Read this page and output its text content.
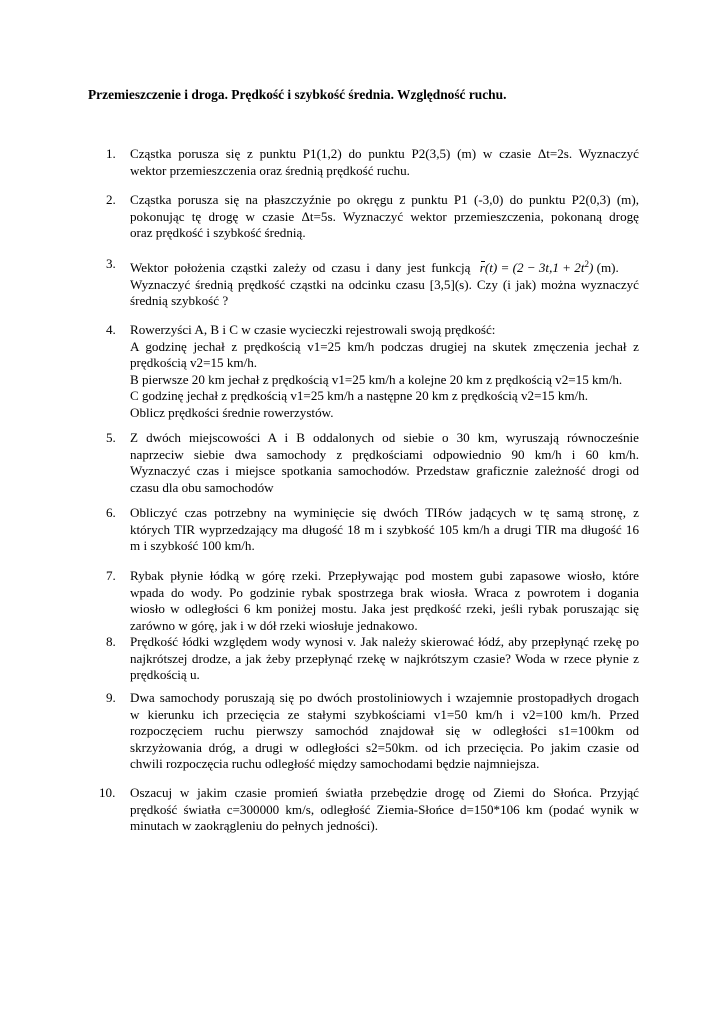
Przemieszczenie i droga. Prędkość i szybkość średnia. Względność ruchu.
1. Cząstka porusza się z punktu P1(1,2) do punktu P2(3,5) (m) w czasie Δt=2s. Wyznaczyć
wektor przemieszczenia oraz średnią prędkość ruchu.
2. Cząstka porusza się na płaszczyźnie po okręgu z punktu P1 (-3,0) do punktu P2(0,3) (m),
pokonując tę drogę w czasie Δt=5s. Wyznaczyć wektor przemieszczenia, pokonaną drogę
oraz prędkość i szybkość średnią.
3. Wektor położenia cząstki zależy od czasu i dany jest funkcją $r(t) = (2 - 3t,1 + 2t^2)$ (m).
Wyznaczyć średnią prędkość cząstki na odcinku czasu [3,5](s). Czy (i jak) można wyznaczyć
średnią szybkość ?
4. Rowerzyści A, B i C w czasie wycieczki rejestrowali swoją prędkość:
A godzinę jechał z prędkością v1=25 km/h podczas drugiej na skutek zmęczenia jechał z
prędkością v2=15 km/h.
B pierwsze 20 km jechał z prędkością v1=25 km/h a kolejne 20 km z prędkością v2=15 km/h.
C godzinę jechał z prędkością v1=25 km/h a następne 20 km z prędkością v2=15 km/h.
Oblicz prędkości średnie rowerzystów.
5. Z dwóch miejscowości A i B oddalonych od siebie o 30 km, wyruszają równocześnie
naprzeciw siebie dwa samochody z prędkościami odpowiednio 90 km/h i 60 km/h.
Wyznaczyć czas i miejsce spotkania samochodów. Przedstaw graficznie zależność drogi od
czasu dla obu samochodów
6. Obliczyć czas potrzebny na wyminięcie się dwóch TIRów jadących w tę samą stronę, z
których TIR wyprzedzający ma długość 18 m i szybkość 105 km/h a drugi TIR ma długość 16
m i szybkość 100 km/h.
7. Rybak płynie łódką w górę rzeki. Przepływając pod mostem gubi zapasowe wiosło, które
wpada do wody. Po godzinie rybak spostrzega brak wiosła. Wraca z powrotem i dogania
wiosło w odległości 6 km poniżej mostu. Jaka jest prędkość rzeki, jeśli rybak poruszając się
zarówno w górę, jak i w dół rzeki wiosłuje jednakowo.
8. Prędkość łódki względem wody wynosi v. Jak należy skierować łódź, aby przepłynąć rzekę po
najkrótszej drodze, a jak żeby przepłynąć rzekę w najkrótszym czasie? Woda w rzece płynie z
prędkością u.
9. Dwa samochody poruszają się po dwóch prostoliniowych i wzajemnie prostopadłych drogach
w kierunku ich przecięcia ze stałymi szybkościami v1=50 km/h i v2=100 km/h. Przed
rozpoczęciem ruchu pierwszy samochód znajdował się w odległości s1=100km od
skrzyżowania dróg, a drugi w odległości s2=50km. od ich przecięcia. Po jakim czasie od
chwili rozpoczęcia ruchu odległość między samochodami będzie najmniejsza.
10. Oszacuj w jakim czasie promień światła przebędzie drogę od Ziemi do Słońca. Przyjąć
prędkość światła c=300000 km/s, odległość Ziemia-Słońce d=150*106 km (podać wynik w
minutach w zaokrągleniu do pełnych jedności).
